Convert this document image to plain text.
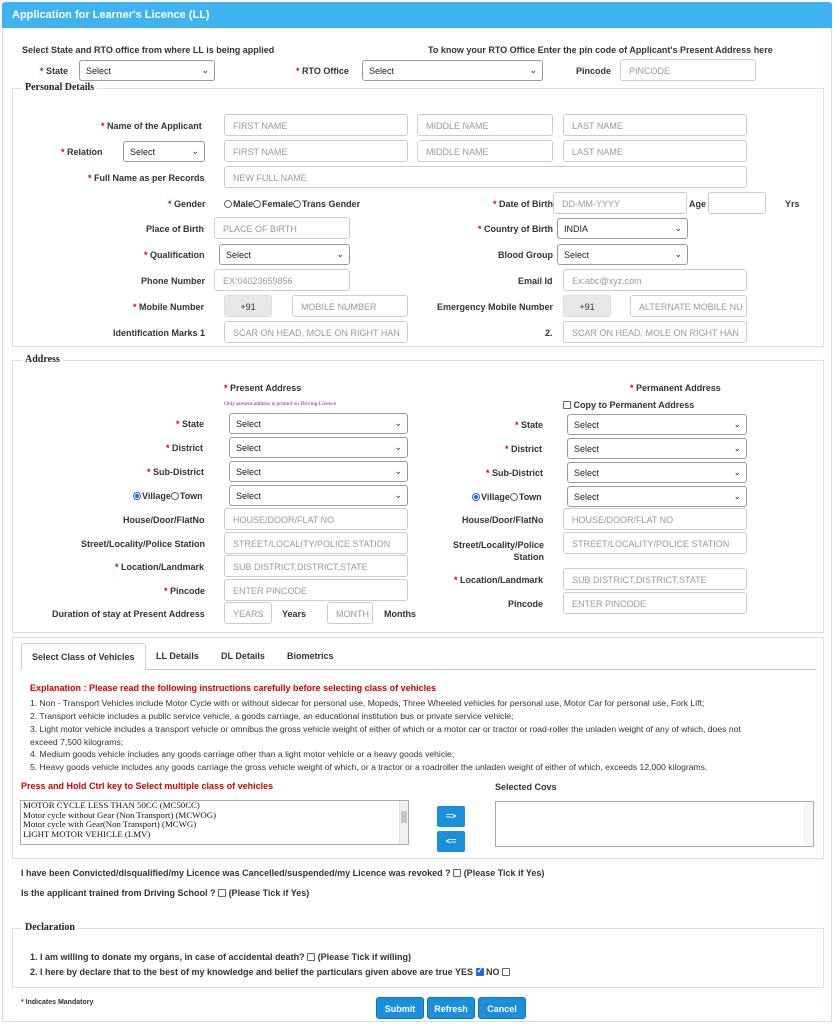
Application for Learner's Licence (LL)
Select State and RTO office from where LL is being applied	To know your RTO Office Enter the pin code of Applicant's Present Address here
* State	Select	⌄	* RTO Office	Select	⌄	Pincode	PINCODE
Personal Details
* Name of the Applicant	FIRST NAME	MIDDLE NAME	LAST NAME
* Relation	Select	⌄	FIRST NAME	MIDDLE NAME	LAST NAME
* Full Name as per Records	NEW FULL NAME
* Gender	Male Female Trans Gender	* Date of Birth DD-MM-YYYY	Age	Yrs
Place of Birth	PLACE OF BIRTH	* Country of Birth	INDIA	⌄
* Qualification	Select	⌄	Blood Group	Select	⌄
Phone Number	EX:04023659856	Email Id	Ex:abc@xyz.com
* Mobile Number	+91	MOBILE NUMBER	Emergency Mobile Number	+91	ALTERNATE MOBILE NU
Identification Marks 1	SCAR ON HEAD, MOLE ON RIGHT HAN	2.	SCAR ON HEAD, MOLE ON RIGHT HAN
Address
* Present Address
Only present address is printed on Driving Licence
* Permanent Address
Copy to Permanent Address
* State	Select	⌄
* District	Select	⌄
* Sub-District	Select	⌄
Village Town	Select	⌄
House/Door/FlatNo	HOUSE/DOOR/FLAT NO
Street/Locality/Police Station	STREET/LOCALITY/POLICE STATION
* Location/Landmark	SUB DISTRICT,DISTRICT,STATE
* Pincode	ENTER PINCODE
Duration of stay at Present Address	YEARS	Years	MONTH	Months
* State	Select	⌄
* District	Select	⌄
* Sub-District	Select	⌄
Village Town	Select	⌄
House/Door/FlatNo	HOUSE/DOOR/FLAT NO
Street/Locality/Police
Station
STREET/LOCALITY/POLICE STATION
* Location/Landmark	SUB DISTRICT,DISTRICT,STATE
Pincode	ENTER PINCODE
Select Class of Vehicles	LL Details	DL Details	Biometrics
Explanation : Please read the following instructions carefully before selecting class of vehicles
1. Non - Transport Vehicles include Motor Cycle with or without sidecar for personal use, Mopeds, Three Wheeled vehicles for personal use, Motor Car for personal use, Fork Lift;
2. Transport vehicle includes a public service vehicle, a goods carriage, an educational institution bus or private service vehicle;
3. Light motor vehicle includes a transport vehicle or omnibus the gross vehicle weight of either of which or a motor car or tractor or road-roller the unladen weight of any of which, does not
exceed 7,500 kilograms;
4. Medium goods vehicle includes any goods carriage other than a light motor vehicle or a heavy goods vehicle;
5. Heavy goods vehicle includes any goods carriage the gross vehicle weight of which, or a tractor or a roadroller the unladen weight of either of which, exceeds 12,000 kilograms.
Press and Hold Ctrl key to Select multiple class of vehicles	Selected Covs
MOTOR CYCLE LESS THAN 50CC (MC50CC)
Motor cycle without Gear (Non Transport) (MCWOG)
Motor cycle with Gear(Non Transport) (MCWG)
LIGHT MOTOR VEHICLE (LMV)
=>
<=
I have been Convicted/disqualified/my Licence was Cancelled/suspended/my Licence was revoked ? (Please Tick if Yes)
Is the applicant trained from Driving School ? (Please Tick if Yes)
Declaration
1. I am willing to donate my organs, in case of accidental death? (Please Tick if willing)
2. I here by declare that to the best of my knowledge and belief the particulars given above are true YES ✓ NO
* Indicates Mandatory
Submit	Refresh	Cancel
